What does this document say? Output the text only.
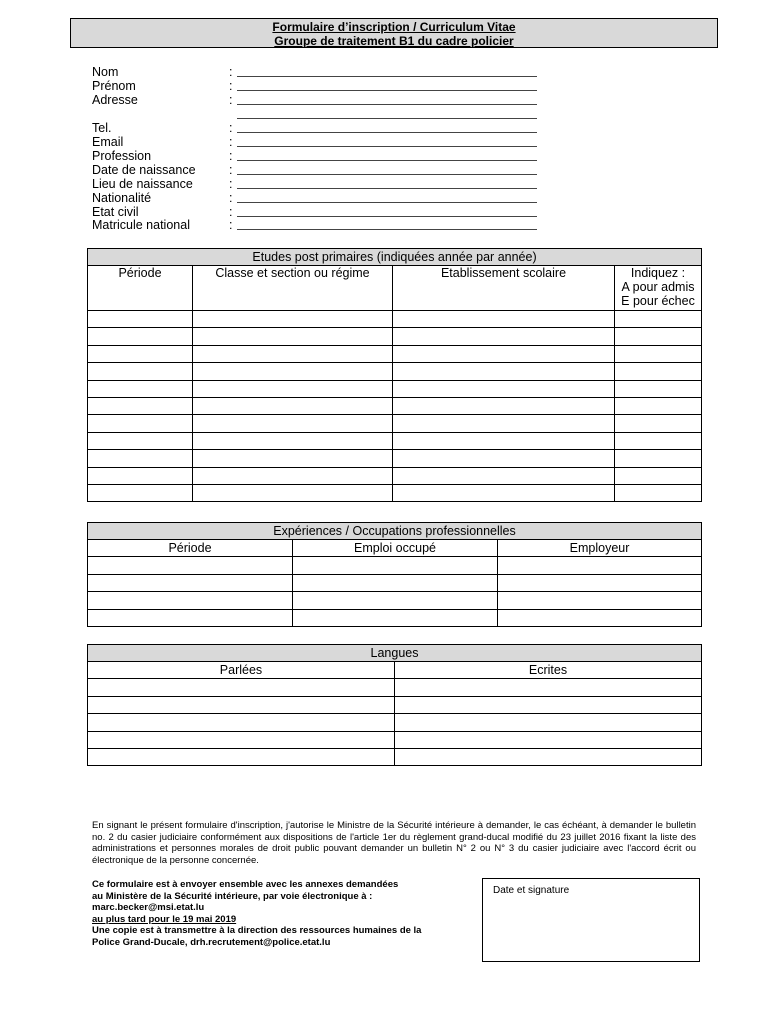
Formulaire d’inscription / Curriculum Vitae
Groupe de traitement B1 du cadre policier
Nom	:
Prénom	:
Adresse	:
Tel.	:
Email	:
Profession	:
Date de naissance	:
Lieu de naissance	:
Nationalité	:
Etat civil	:
Matricule national	:
Etudes post primaires (indiquées année par année)			
Période	Classe et section ou régime	Etablissement scolaire	Indiquez :
A pour admis
E pour échec

Expériences / Occupations professionnelles		
Période	Emploi occupé	Employeur

Langues	
Parlées	Ecrites

En signant le présent formulaire d'inscription, j'autorise le Ministre de la Sécurité intérieure à demander, le cas échéant, à demander le bulletin no. 2 du casier judiciaire conformément aux dispositions de l'article 1er du règlement grand-ducal modifié du 23 juillet 2016 fixant la liste des administrations et personnes morales de droit public pouvant demander un bulletin N° 2 ou N° 3 du casier judiciaire avec l'accord écrit ou électronique de la personne concernée.
Ce formulaire est à envoyer ensemble avec les annexes demandées
au Ministère de la Sécurité intérieure, par voie électronique à :
marc.becker@msi.etat.lu
au plus tard pour le 19 mai 2019
Une copie est à transmettre à la direction des ressources humaines de la
Police Grand-Ducale, drh.recrutement@police.etat.lu
Date et signature
